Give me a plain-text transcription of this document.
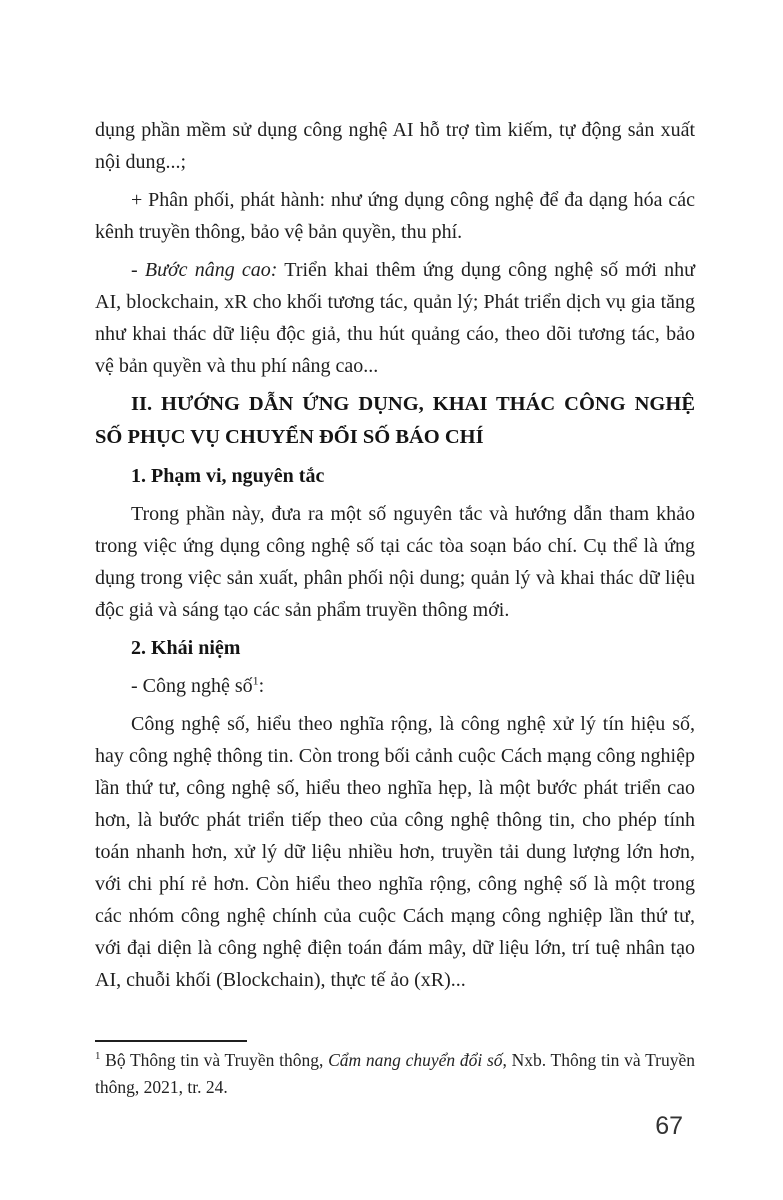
dụng phần mềm sử dụng công nghệ AI hỗ trợ tìm kiếm, tự động sản xuất nội dung...;

+ Phân phối, phát hành: như ứng dụng công nghệ để đa dạng hóa các kênh truyền thông, bảo vệ bản quyền, thu phí.

- Bước nâng cao: Triển khai thêm ứng dụng công nghệ số mới như AI, blockchain, xR cho khối tương tác, quản lý; Phát triển dịch vụ gia tăng như khai thác dữ liệu độc giả, thu hút quảng cáo, theo dõi tương tác, bảo vệ bản quyền và thu phí nâng cao...

II. HƯỚNG DẪN ỨNG DỤNG, KHAI THÁC CÔNG NGHỆ SỐ PHỤC VỤ CHUYỂN ĐỔI SỐ BÁO CHÍ

1. Phạm vi, nguyên tắc

Trong phần này, đưa ra một số nguyên tắc và hướng dẫn tham khảo trong việc ứng dụng công nghệ số tại các tòa soạn báo chí. Cụ thể là ứng dụng trong việc sản xuất, phân phối nội dung; quản lý và khai thác dữ liệu độc giả và sáng tạo các sản phẩm truyền thông mới.

2. Khái niệm

- Công nghệ số$^1$:

Công nghệ số, hiểu theo nghĩa rộng, là công nghệ xử lý tín hiệu số, hay công nghệ thông tin. Còn trong bối cảnh cuộc Cách mạng công nghiệp lần thứ tư, công nghệ số, hiểu theo nghĩa hẹp, là một bước phát triển cao hơn, là bước phát triển tiếp theo của công nghệ thông tin, cho phép tính toán nhanh hơn, xử lý dữ liệu nhiều hơn, truyền tải dung lượng lớn hơn, với chi phí rẻ hơn. Còn hiểu theo nghĩa rộng, công nghệ số là một trong các nhóm công nghệ chính của cuộc Cách mạng công nghiệp lần thứ tư, với đại diện là công nghệ điện toán đám mây, dữ liệu lớn, trí tuệ nhân tạo AI, chuỗi khối (Blockchain), thực tế ảo (xR)...

$^1$ Bộ Thông tin và Truyền thông, Cẩm nang chuyển đổi số, Nxb. Thông tin và Truyền thông, 2021, tr. 24.
67
